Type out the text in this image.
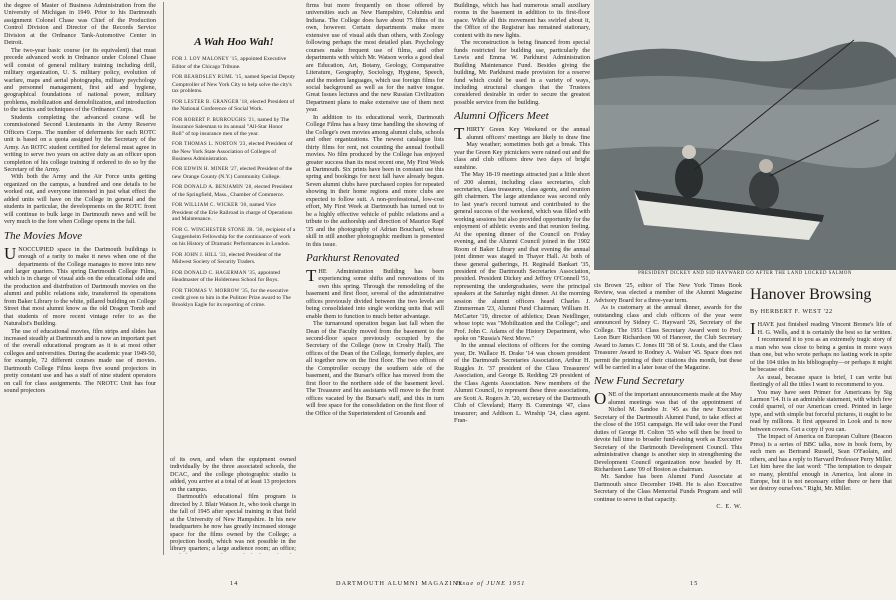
the degree of Master of Business Administration from the University of Michigan in 1949. Prior to his Dartmouth assignment Colonel Chase was Chief of the Production Control Division and Director of the Records Service Division at the Ordnance Tank-Automotive Center in Detroit.

The two-year basic course (or its equivalent) that must precede advanced work in Ordnance under Colonel Chase will consist of general military training including drill, military organization, U. S. military policy, evolution of warfare, maps and aerial photographs, military psychology and personnel management, first aid and hygiene, geographical foundations of national power, military problems, mobilization and demobilization, and introduction to the tactics and techniques of the Ordnance Corps.

Students completing the advanced course will be commissioned Second Lieutenants in the Army Reserve Officers Corps. The number of deferments for each ROTC unit is based on a quota assigned by the Secretary of the Army. An ROTC student certified for deferral must agree in writing to serve two years on active duty as an officer upon completion of his college training if ordered to do so by the Secretary of the Army.

With both the Army and the Air Force units getting organized on the campus, a hundred and one details to be worked out, and everyone interested in just what effect the added units will have on the College in general and the students in particular, the developments on the ROTC front will continue to bulk large in Dartmouth news and will be very much to the fore when College opens in the fall.

The Movies Move

UNOCCUPIED space in the Dartmouth buildings is enough of a rarity to make it news when one of the departments of the College manages to move into new and larger quarters. This spring Dartmouth College Films, which is in charge of visual aids on the educational side and the production and distribution of Dartmouth movies on the alumni and public relations side, transferred its operations from Baker Library to the white, pillared building on College Street that most alumni know as the old Dragon Tomb and that students of more recent vintage refer to as the Naturalist's Building.

The use of educational movies, film strips and slides has increased steadily at Dartmouth and is now an important part of the overall educational program as it is at most other colleges and universities. During the academic year 1949-50, for example, 72 different courses made use of movies. Dartmouth College Films keeps five sound projectors in pretty constant use and has a staff of nine student operators on call for class assignments. The NROTC Unit has four sound projectors

A Wah Hoo Wah!

FOR J. LOY MALONEY '15, appointed Executive Editor of the Chicago Tribune.

FOR BEARDSLEY RUML '15, named Special Deputy Comptroller of New York City to help solve the city's tax problems.

FOR LESTER B. GRANGER '18, elected President of the National Conference of Social Work.

FOR ROBERT P. BURROUGHS '21, named by The Insurance Salesman to its annual "All-Star Honor Roll" of top insurance men of the year.

FOR THOMAS L. NORTON '23, elected President of the New York State Association of Colleges of Business Administration.

FOR EDWIN H. MINER '27, elected President of the new Orange County (N.Y.) Community College.

FOR DONALD A. BENJAMIN '28, elected President of the Springfield, Mass., Chamber of Commerce.

FOR WILLIAM C. WICKER '30, named Vice President of the Erie Railroad in charge of Operations and Maintenance.

FOR G. WINCHESTER STONE JR. '30, recipient of a Guggenheim Fellowship for the continuance of work on his History of Dramatic Performances in London.

FOR JOHN J. HILL '33, elected President of the Midwest Society of Security Traders.

FOR DONALD C. HAGERMAN '35, appointed Headmaster of the Holderness School for Boys.

FOR THOMAS V. MORROW '35, for the executive credit given to him in the Pulitzer Prize award to The Brooklyn Eagle for its reporting of crime.

of its own, and when the equipment owned individually by the three associated schools, the DCAC, and the college photographic studio is added, you arrive at a total of at least 13 projectors on the campus.

Dartmouth's educational film program is directed by J. Blair Watson Jr., who took charge in the fall of 1945 after special training in that field at the University of New Hampshire. In his new headquarters he now has greatly increased storage space for the films owned by the College; a projection booth, which was not possible in the library quarters; a large audience room; an office;

firms but more frequently on those offered by universities such as New Hampshire, Columbia and Indiana. The College does have about 75 films of its own, however. Certain departments make more extensive use of visual aids than others, with Zoology following perhaps the most detailed plan. Psychology courses make frequent use of films, and other departments with which Mr. Watson works a good deal are Education, Art, Botany, Geology, Comparative Literature, Geography, Sociology, Hygiene, Speech, and the modern languages, which use foreign films for social background as well as for the native tongue. Great Issues lectures and the new Russian Civilization Department plans to make extensive use of them next year.

In addition to its educational work, Dartmouth College Films has a busy time handling the showing of the College's own movies among alumni clubs, schools and other organizations. The newest catalogue lists thirty films for rent, not counting the annual football movies. No film produced by the College has enjoyed greater success than its most recent one, My First Week at Dartmouth. Six prints have been in constant use this spring and bookings for next fall have already begun. Seven alumni clubs have purchased copies for repeated showing in their home regions and more clubs are expected to follow suit. A non-professional, low-cost effort, My First Week at Dartmouth has turned out to be a highly effective vehicle of public relations and a tribute to the authorship and direction of Maurice Rapf '35 and the photography of Adrian Bouchard, whose skill in still another photographic medium is presented in this issue.

Parkhurst Renovated

THE Administration Building has been experiencing some shifts and renovations of its own this spring. Through the remodeling of the basement and first floor, several of the administrative offices previously divided between the two levels are being consolidated into single working units that will enable them to function to much better advantage.

The turnaround operation began last fall when the Dean of the Faculty moved from the basement to the second-floor space previously occupied by the Secretary of the College (now in Crosby Hall). The offices of the Dean of the College, formerly duplex, are all together now on the first floor. The two offices of the Comptroller occupy the southern side of the basement, and the Bursar's office has moved from the first floor to the northern side of the basement level. The Treasurer and his assistants will move to the front offices vacated by the Bursar's staff, and this in turn will free space for the consolidation on the first floor of the Office of the Superintendent of Grounds and

Buildings, which has had numerous small auxiliary rooms in the basement in addition to its first-floor space. While all this movement has swirled about it, the Office of the Registrar has remained stationary, content with its new lights.

The reconstruction is being financed from special funds restricted for building use, particularly the Lewis and Emma W. Parkhurst Administration Building Maintenance Fund. Besides giving the building, Mr. Parkhurst made provision for a reserve fund which could be used in a variety of ways, including structural changes that the Trustees considered desirable in order to secure the greatest possible service from the building.

Alumni Officers Meet

THIRTY Green Key Weekend or the annual alumni officers' meetings are likely to draw fine May weather; sometimes both get a break. This year the Green Key picnickers were rained out and the class and club officers drew two days of bright sunshine.

The May 18-19 meetings attracted just a little short of 200 alumni, including class secretaries, club secretaries, class treasurers, class agents, and reunion gift chairmen. The large attendance was second only to last year's record turnout and contributed to the general success of the weekend, which was filled with working sessions but also provided opportunity for the enjoyment of athletic events and that reunion feeling. At the opening dinner of the Council on Friday evening, and the Alumni Council joined in the 1902 Room of Baker Library and that evening the annual joint dinner was staged in Thayer Hall. At both of these general gatherings, H. Reginald Bankart '35, president of the Dartmouth Secretaries Association, presided. President Dickey and Jeffrey O'Connell '51, representing the undergraduates, were the principal speakers at the Saturday night dinner. At the morning session the alumni officers heard Charles J. Zimmerman '23, Alumni Fund Chairman; William H. McCarter '19, director of athletics; Dean Neidlinger, whose topic was "Mobilization and the College"; and Prof. John C. Adams of the History Department, who spoke on "Russia's Next Move."

In the annual elections of officers for the coming year, Dr. Wallace H. Drake '14 was chosen president of the Dartmouth Secretaries Association, Arthur H. Ruggles Jr. '37 president of the Class Treasurers' Association, and George B. Redding '29 president of the Class Agents Association. New members of the Alumni Council, to represent these three associations, are Scott A. Rogers Jr. '20, secretary of the Dartmouth Club of Cleveland; Harry B. Cummings '47, class treasurer; and Addison L. Winship '24, class agent. Fran-

PRESIDENT DICKEY AND SID HAYWARD GO AFTER THE LAND LOCKED SALMON

cis Brown '25, editor of The New York Times Book Review, was elected a member of the Alumni Magazine Advisory Board for a three-year term.

As is customary at the annual dinner, awards for the outstanding class and club officers of the year were announced by Sidney C. Hayward '26, Secretary of the College. The 1951 Class Secretary Award went to Prof. Leon Burr Richardson '00 of Hanover, the Club Secretary Award to James C. Jones III '38 of St. Louis, and the Class Treasurer Award to Rodney A. Walser '45. Space does not permit the printing of their citations this month, but these will be carried in a later issue of the Magazine.

New Fund Secretary

ONE of the important announcements made at the May alumni meetings was that of the appointment of Nichol M. Sandoe Jr. '45 as the new Executive Secretary of the Dartmouth Alumni Fund, to take effect at the close of the 1951 campaign. He will take over the Fund duties of George H. Colton '35 who will then be freed to devote full time to broader fund-raising work as Executive Secretary of the Dartmouth Development Council. This administrative change is another step in strengthening the Development Council organization now headed by H. Richardson Lane '09 of Boston as chairman.

Mr. Sandoe has been Alumni Fund Associate at Dartmouth since December 1948. He is also Executive Secretary of the Class Memorial Funds Program and will continue to serve in that capacity.

C. E. W.
Hanover Browsing
By HERBERT F. WEST '22

IHAVE just finished reading Vincent Brome's life of H. G. Wells, and it is certainly the best so far written. I recommend it to you as an extremely tragic story of a man who was close to being a genius in more ways than one, but who wrote perhaps no lasting work in spite of the 104 titles in his bibliography—or perhaps it might be because of this.

As usual, because space is brief, I can write but fleetingly of all the titles I want to recommend to you.

You may have seen Primer for Americans by Sig Larmon '14. It is an admirable statement, with which few could quarrel, of our American creed. Printed in large type, and with simple but forceful pictures, it ought to be read by millions. It first appeared in Look and is now between covers. Get a copy if you can.

The Impact of America on European Culture (Beacon Press) is a series of BBC talks, now in book form, by such men as Bertrand Russell, Sean O'Faolain, and others, and has a reply to Harvard Professor Perry Miller. Let him have the last word: "The temptation to despair so many, plentiful enough in America, lest alone in Europe, but it is not necessary either there or here that we destroy ourselves." Right, Mr. Miller.

14	DARTMOUTH ALUMNI MAGAZINE
Issue of JUNE 1951	15
